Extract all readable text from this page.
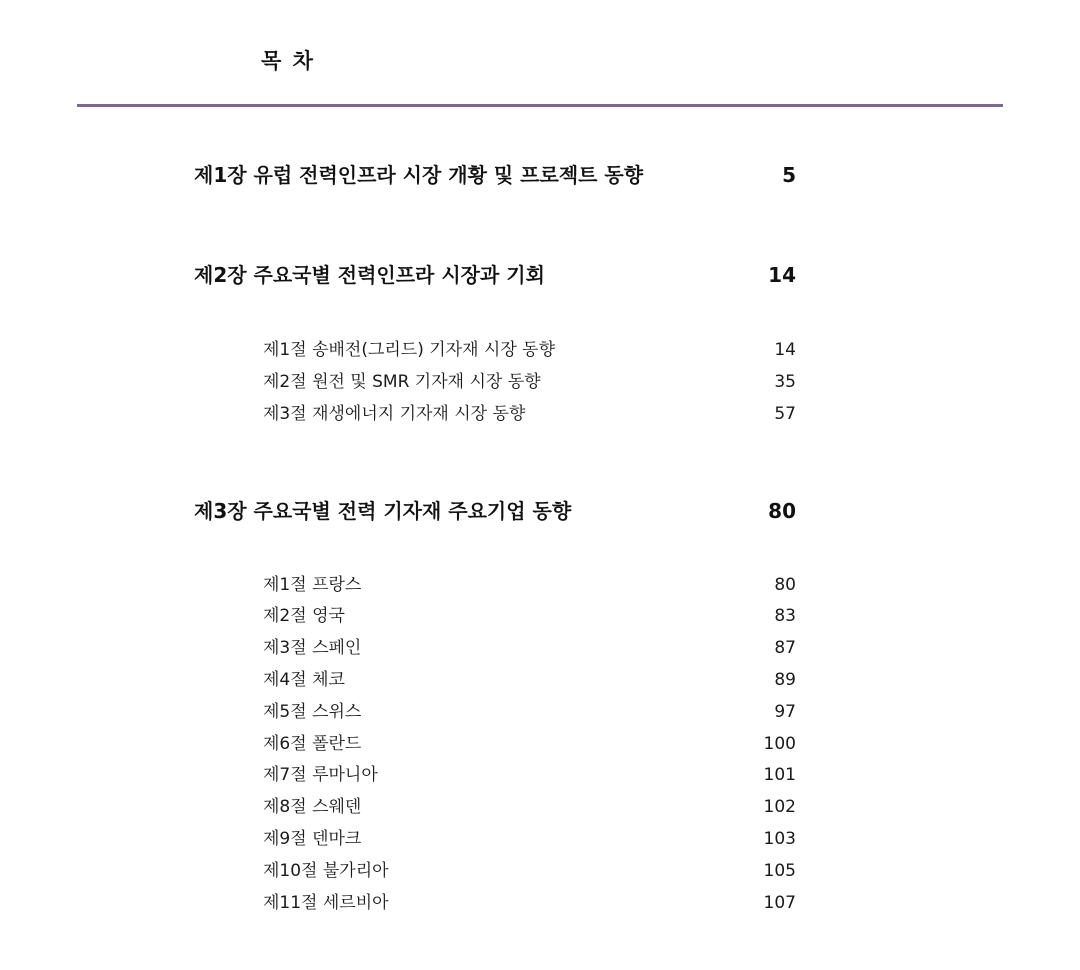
목 차
제1장 유럽 전력인프라 시장 개황 및 프로젝트 동향	5
제2장 주요국별 전력인프라 시장과 기회	14
제1절 송배전(그리드) 기자재 시장 동향	14
제2절 원전 및 SMR 기자재 시장 동향	35
제3절 재생에너지 기자재 시장 동향	57
제3장 주요국별 전력 기자재 주요기업 동향	80
제1절 프랑스	80
제2절 영국	83
제3절 스페인	87
제4절 체코	89
제5절 스위스	97
제6절 폴란드	100
제7절 루마니아	101
제8절 스웨덴	102
제9절 덴마크	103
제10절 불가리아	105
제11절 세르비아	107
